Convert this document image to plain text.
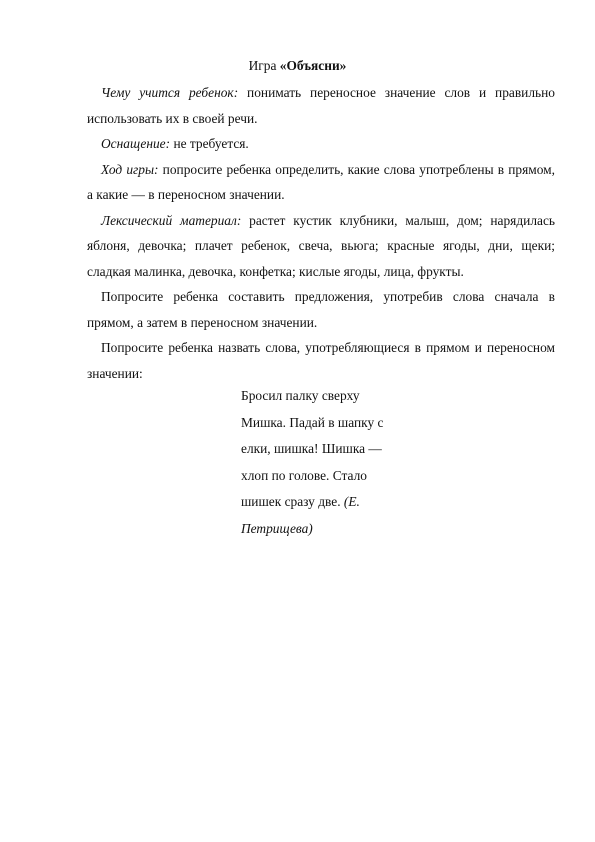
Игра «Объясни»

Чему учится ребенок: понимать переносное значение слов и правильно использовать их в своей речи.

Оснащение: не требуется.

Ход игры: попросите ребенка определить, какие слова употреблены в прямом, а какие — в переносном значении.

Лексический материал: растет кустик клубники, малыш, дом; нарядилась яблоня, девочка; плачет ребенок, свеча, вьюга; красные ягоды, дни, щеки; сладкая малинка, девочка, конфетка; кислые ягоды, лица, фрукты.

Попросите ребенка составить предложения, употребив слова сначала в прямом, а затем в переносном значении.

Попросите ребенка назвать слова, употребляющиеся в прямом и переносном значении:

Бросил палку сверху
Мишка. Падай в шапку с
елки, шишка! Шишка —
хлоп по голове. Стало
шишек сразу две. (Е.
Петрищева)
